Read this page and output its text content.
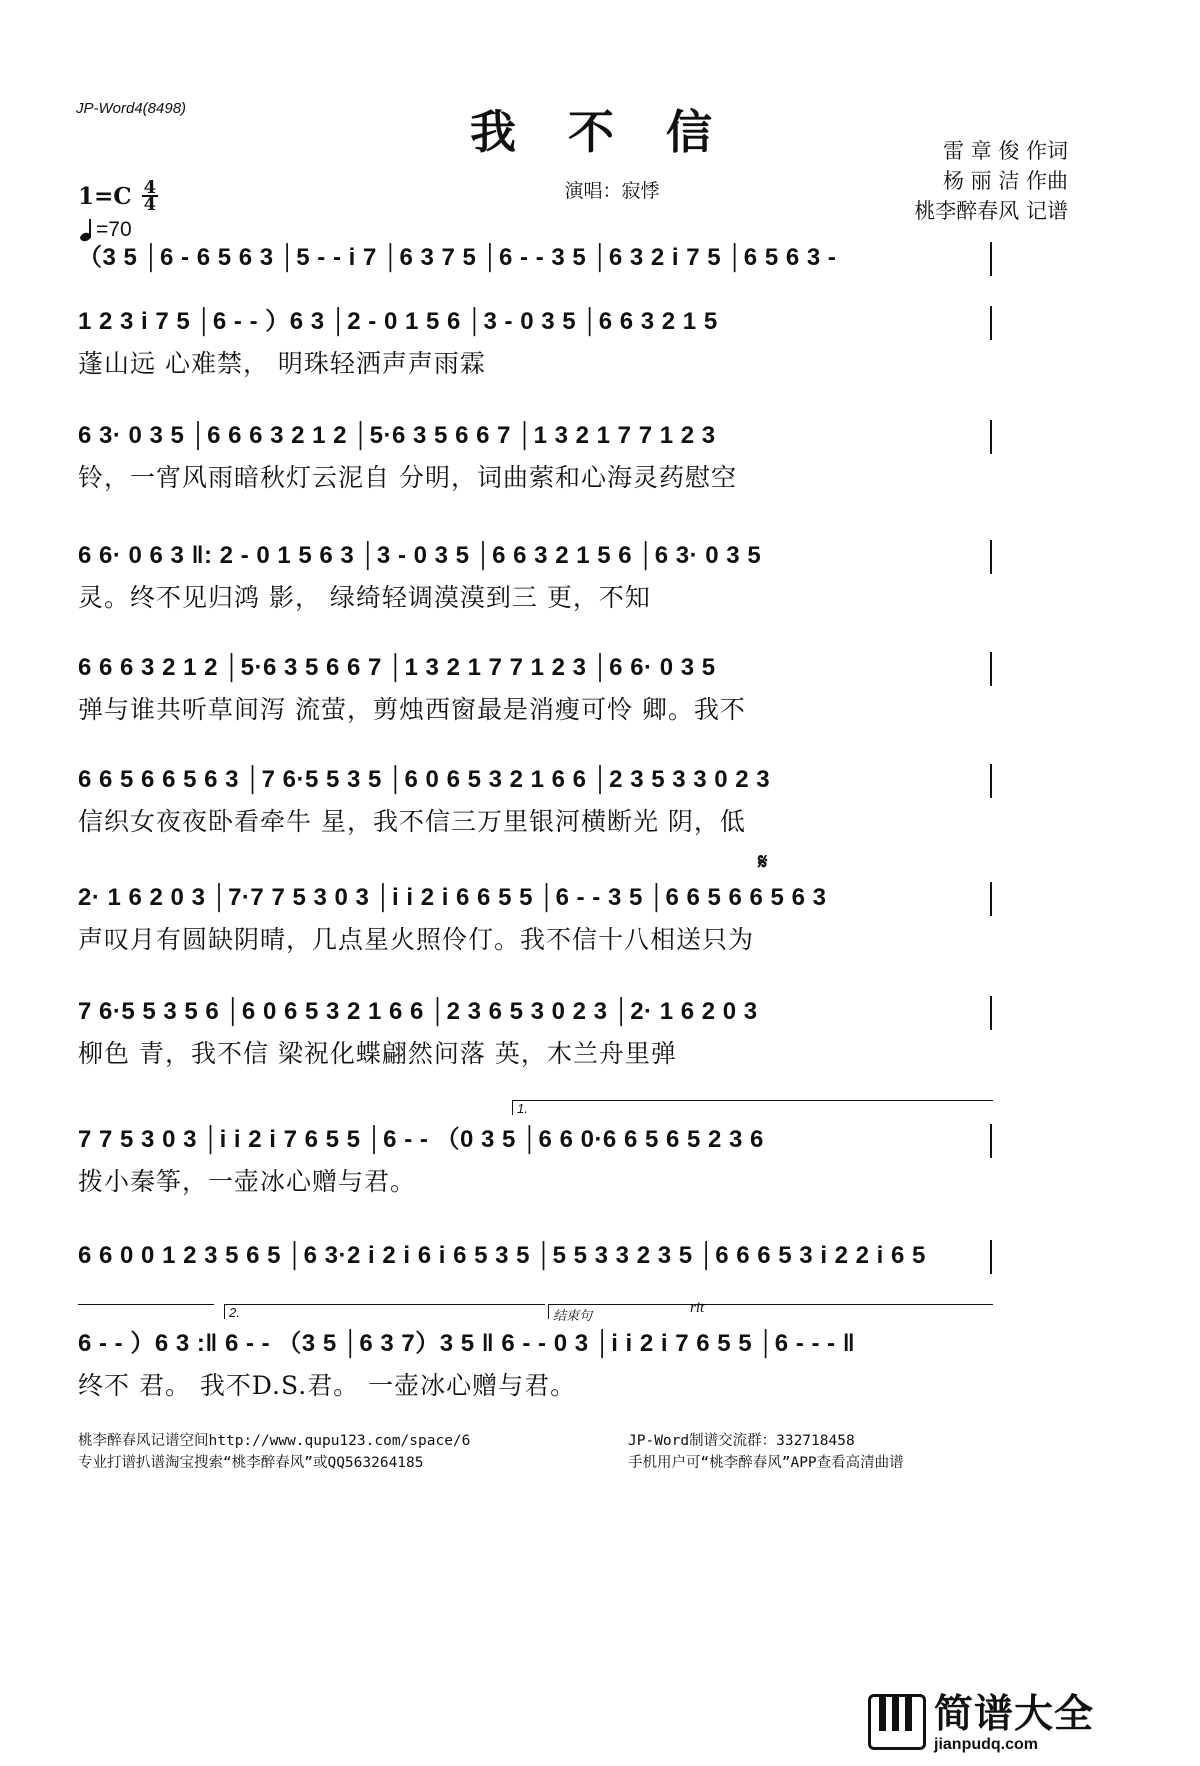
JP-Word4(8498)	我 不 信
演唱：寂悸
雷 章 俊 作词
杨 丽 洁 作曲
桃李醉春风 记谱
$1=C \frac{4}{4}$
=70
（3 5 │6 - 6 5 6 3 │5 - - i 7 │6 3 7 5 │6 - - 3 5 │6 3 2 i 7 5 │6 5 6 3 -
1 2 3 i 7 5 │6 - - ）6 3 │2 - 0 1 5 6 │3 - 0 3 5 │6 6 3 2 1 5
蓬山远 心难禁， 明珠轻洒声声雨霖
6 3· 0 3 5 │6 6 6 3 2 1 2 │5·6 3 5 6 6 7 │1 3 2 1 7 7 1 2 3
铃，一宵风雨暗秋灯云泥自 分明，词曲萦和心海灵药慰空
6 6· 0 6 3 ‖: 2 - 0 1 5 6 3 │3 - 0 3 5 │6 6 3 2 1 5 6 │6 3· 0 3 5
灵。终不见归鸿 影， 绿绮轻调漠漠到三 更，不知
6 6 6 3 2 1 2 │5·6 3 5 6 6 7 │1 3 2 1 7 7 1 2 3 │6 6· 0 3 5
弹与谁共听草间泻 流萤，剪烛西窗最是消瘦可怜 卿。我不
6 6 5 6 6 5 6 3 │7 6·5 5 3 5 │6 0 6 5 3 2 1 6 6 │2 3 5 3 3 0 2 3
信织女夜夜卧看牵牛 星，我不信三万里银河横断光 阴，低
𝄋
2· 1 6 2 0 3 │7·7 7 5 3 0 3 │i i 2 i 6 6 5 5 │6 - - 3 5 │6 6 5 6 6 5 6 3
声叹月有圆缺阴晴，几点星火照伶仃。我不信十八相送只为
7 6·5 5 3 5 6 │6 0 6 5 3 2 1 6 6 │2 3 6 5 3 0 2 3 │2· 1 6 2 0 3
柳色 青，我不信 梁祝化蝶翩然问落 英，木兰舟里弹
1.
7 7 5 3 0 3 │i i 2 i 7 6 5 5 │6 - - （0 3 5 │6 6 0·6 6 5 6 5 2 3 6
拨小秦筝，一壶冰心赠与君。
6 6 0 0 1 2 3 5 6 5 │6 3·2 i 2 i 6 i 6 5 3 5 │5 5 3 3 2 3 5 │6 6 6 5 3 i 2 2 i 6 5
2.	结束句	rit
6 - - ）6 3 :‖ 6 - - （3 5 │6 3 7）3 5 ‖ 6 - - 0 3 │i i 2 i 7 6 5 5 │6 - - - ‖
终不 君。 我不D.S.君。 一壶冰心赠与君。
桃李醉春风记谱空间http://www.qupu123.com/space/6
专业打谱扒谱淘宝搜索“桃李醉春风”或QQ563264185
JP-Word制谱交流群：332718458
手机用户可“桃李醉春风”APP查看高清曲谱
简谱大全
jianpudq.com
